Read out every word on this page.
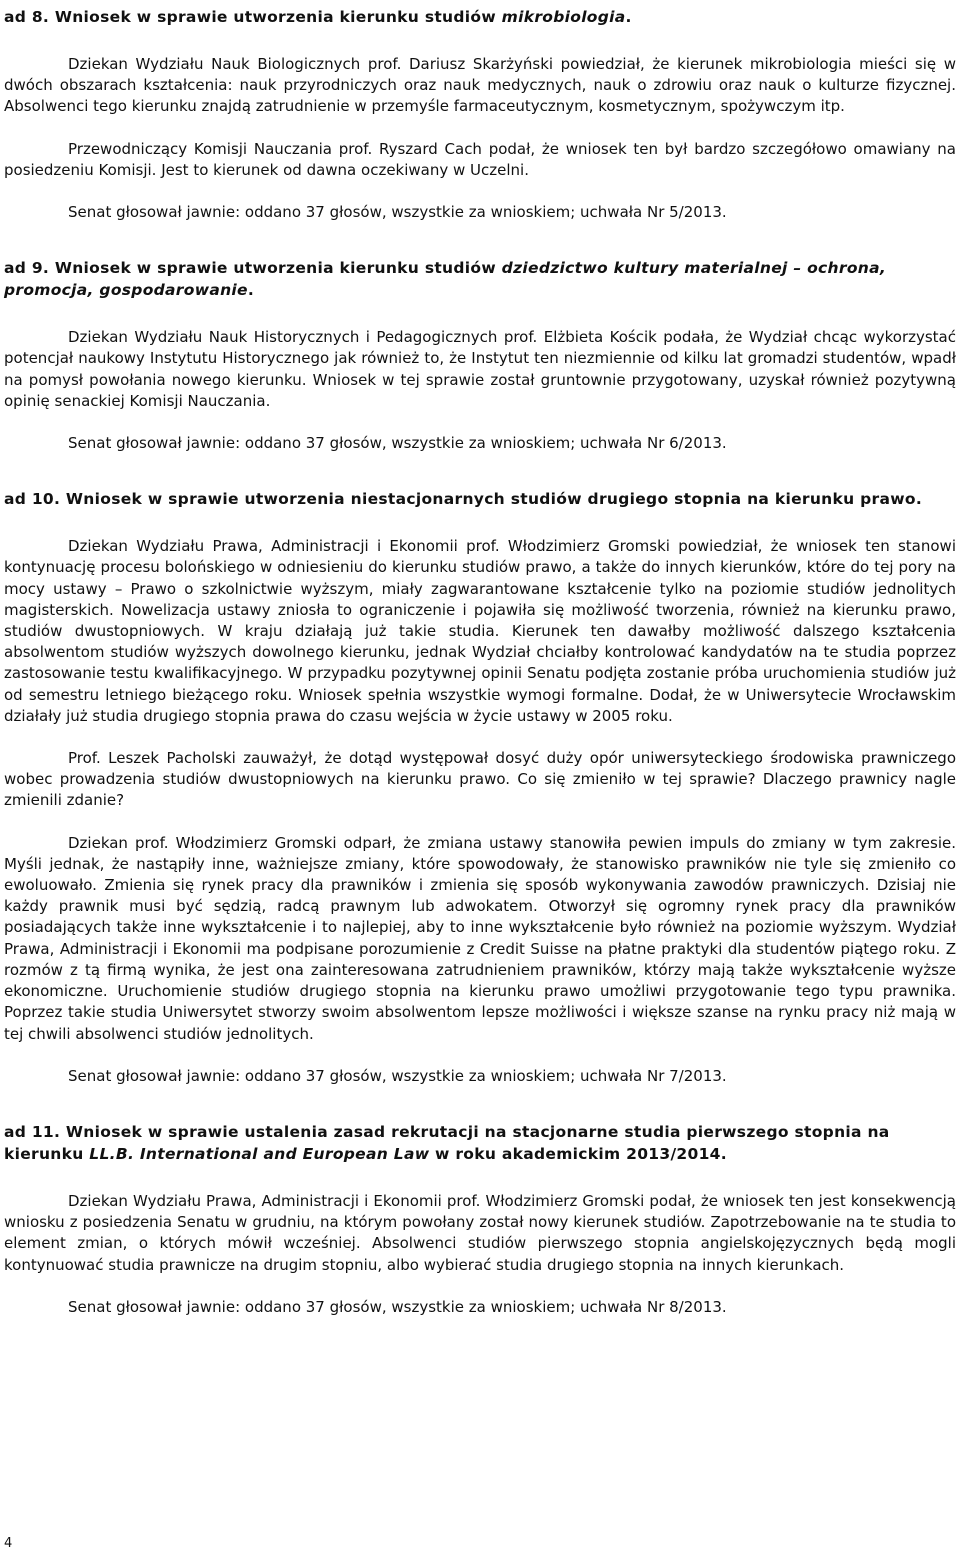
ad 8. Wniosek w sprawie utworzenia kierunku studiów mikrobiologia.

Dziekan Wydziału Nauk Biologicznych prof. Dariusz Skarżyński powiedział, że kierunek mikrobiologia mieści się w dwóch obszarach kształcenia: nauk przyrodniczych oraz nauk medycznych, nauk o zdrowiu oraz nauk o kulturze fizycznej. Absolwenci tego kierunku znajdą zatrudnienie w przemyśle farmaceutycznym, kosmetycznym, spożywczym itp.

Przewodniczący Komisji Nauczania prof. Ryszard Cach podał, że wniosek ten był bardzo szczegółowo omawiany na posiedzeniu Komisji. Jest to kierunek od dawna oczekiwany w Uczelni.

Senat głosował jawnie: oddano 37 głosów, wszystkie za wnioskiem; uchwała Nr 5/2013.

ad 9. Wniosek w sprawie utworzenia kierunku studiów dziedzictwo kultury materialnej – ochrona, promocja, gospodarowanie.

Dziekan Wydziału Nauk Historycznych i Pedagogicznych prof. Elżbieta Kościk podała, że Wydział chcąc wykorzystać potencjał naukowy Instytutu Historycznego jak również to, że Instytut ten niezmiennie od kilku lat gromadzi studentów, wpadł na pomysł powołania nowego kierunku. Wniosek w tej sprawie został gruntownie przygotowany, uzyskał również pozytywną opinię senackiej Komisji Nauczania.

Senat głosował jawnie: oddano 37 głosów, wszystkie za wnioskiem; uchwała Nr 6/2013.

ad 10. Wniosek w sprawie utworzenia niestacjonarnych studiów drugiego stopnia na kierunku prawo.

Dziekan Wydziału Prawa, Administracji i Ekonomii prof. Włodzimierz Gromski powiedział, że wniosek ten stanowi kontynuację procesu bolońskiego w odniesieniu do kierunku studiów prawo, a także do innych kierunków, które do tej pory na mocy ustawy – Prawo o szkolnictwie wyższym, miały zagwarantowane kształcenie tylko na poziomie studiów jednolitych magisterskich. Nowelizacja ustawy zniosła to ograniczenie i pojawiła się możliwość tworzenia, również na kierunku prawo, studiów dwustopniowych. W kraju działają już takie studia. Kierunek ten dawałby możliwość dalszego kształcenia absolwentom studiów wyższych dowolnego kierunku, jednak Wydział chciałby kontrolować kandydatów na te studia poprzez zastosowanie testu kwalifikacyjnego. W przypadku pozytywnej opinii Senatu podjęta zostanie próba uruchomienia studiów już od semestru letniego bieżącego roku. Wniosek spełnia wszystkie wymogi formalne. Dodał, że w Uniwersytecie Wrocławskim działały już studia drugiego stopnia prawa do czasu wejścia w życie ustawy w 2005 roku.

Prof. Leszek Pacholski zauważył, że dotąd występował dosyć duży opór uniwersyteckiego środowiska prawniczego wobec prowadzenia studiów dwustopniowych na kierunku prawo. Co się zmieniło w tej sprawie? Dlaczego prawnicy nagle zmienili zdanie?

Dziekan prof. Włodzimierz Gromski odparł, że zmiana ustawy stanowiła pewien impuls do zmiany w tym zakresie. Myśli jednak, że nastąpiły inne, ważniejsze zmiany, które spowodowały, że stanowisko prawników nie tyle się zmieniło co ewoluowało. Zmienia się rynek pracy dla prawników i zmienia się sposób wykonywania zawodów prawniczych. Dzisiaj nie każdy prawnik musi być sędzią, radcą prawnym lub adwokatem. Otworzył się ogromny rynek pracy dla prawników posiadających także inne wykształcenie i to najlepiej, aby to inne wykształcenie było również na poziomie wyższym. Wydział Prawa, Administracji i Ekonomii ma podpisane porozumienie z Credit Suisse na płatne praktyki dla studentów piątego roku. Z rozmów z tą firmą wynika, że jest ona zainteresowana zatrudnieniem prawników, którzy mają także wykształcenie wyższe ekonomiczne. Uruchomienie studiów drugiego stopnia na kierunku prawo umożliwi przygotowanie tego typu prawnika. Poprzez takie studia Uniwersytet stworzy swoim absolwentom lepsze możliwości i większe szanse na rynku pracy niż mają w tej chwili absolwenci studiów jednolitych.

Senat głosował jawnie: oddano 37 głosów, wszystkie za wnioskiem; uchwała Nr 7/2013.

ad 11. Wniosek w sprawie ustalenia zasad rekrutacji na stacjonarne studia pierwszego stopnia na kierunku LL.B. International and European Law w roku akademickim 2013/2014.

Dziekan Wydziału Prawa, Administracji i Ekonomii prof. Włodzimierz Gromski podał, że wniosek ten jest konsekwencją wniosku z posiedzenia Senatu w grudniu, na którym powołany został nowy kierunek studiów. Zapotrzebowanie na te studia to element zmian, o których mówił wcześniej. Absolwenci studiów pierwszego stopnia angielskojęzycznych będą mogli kontynuować studia prawnicze na drugim stopniu, albo wybierać studia drugiego stopnia na innych kierunkach.

Senat głosował jawnie: oddano 37 głosów, wszystkie za wnioskiem; uchwała Nr 8/2013.

4
